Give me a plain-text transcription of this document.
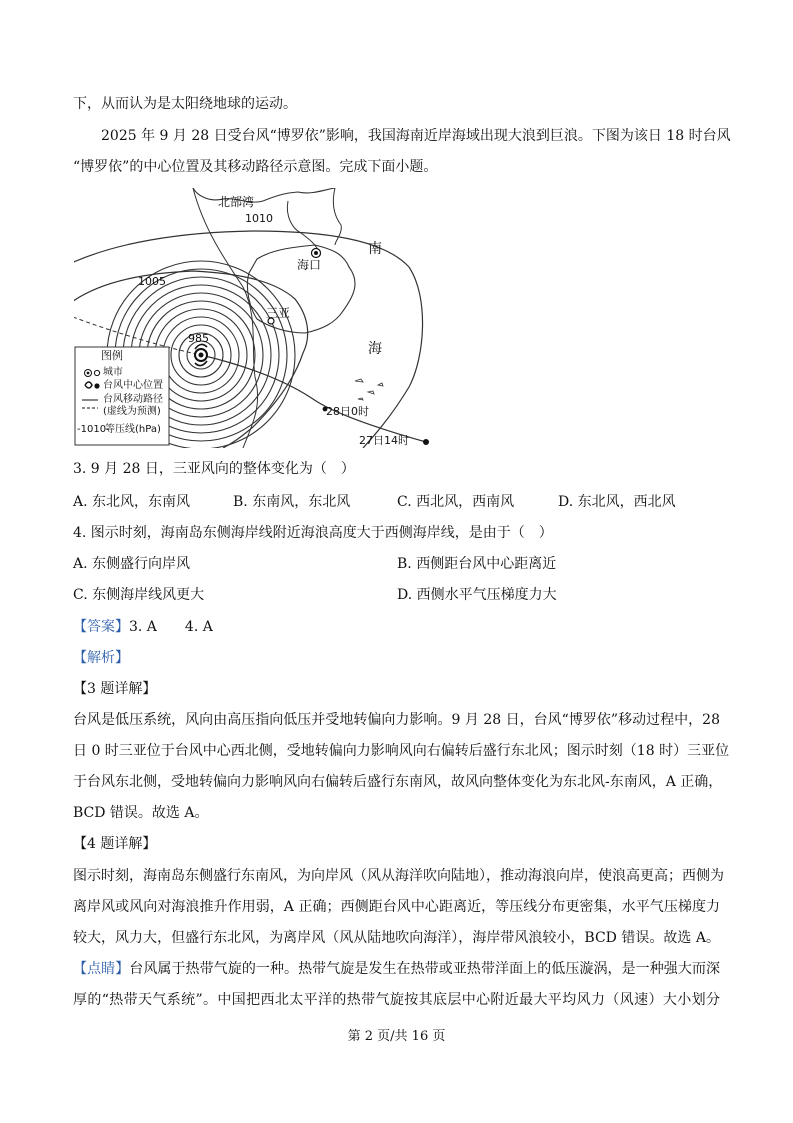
下，从而认为是太阳绕地球的运动。
2025 年 9 月 28 日受台风“博罗依”影响，我国海南近岸海域出现大浪到巨浪。下图为该日 18 时台风
“博罗依”的中心位置及其移动路径示意图。完成下面小题。
北部湾
1010
海口
南
海
1005
三亚
985
28日0时
27日14时
图例
城市
台风中心位置
台风移动路径
(虚线为预测)
-1010-
等压线(hPa)
3. 9 月 28 日，三亚风向的整体变化为（　）
A. 东北风，东南风	B. 东南风，东北风	C. 西北风，西南风	D. 东北风，西北风
4. 图示时刻，海南岛东侧海岸线附近海浪高度大于西侧海岸线，是由于（　）
A. 东侧盛行向岸风	B. 西侧距台风中心距离近
C. 东侧海岸线风更大	D. 西侧水平气压梯度力大
【答案】3. A　　4. A
【解析】
【3 题详解】
台风是低压系统，风向由高压指向低压并受地转偏向力影响。9 月 28 日，台风“博罗依”移动过程中，28
日 0 时三亚位于台风中心西北侧，受地转偏向力影响风向右偏转后盛行东北风；图示时刻（18 时）三亚位
于台风东北侧，受地转偏向力影响风向右偏转后盛行东南风，故风向整体变化为东北风-东南风，A 正确，
BCD 错误。故选 A。
【4 题详解】
图示时刻，海南岛东侧盛行东南风，为向岸风（风从海洋吹向陆地），推动海浪向岸，使浪高更高；西侧为
离岸风或风向对海浪推升作用弱，A 正确；西侧距台风中心距离近，等压线分布更密集，水平气压梯度力
较大，风力大，但盛行东北风，为离岸风（风从陆地吹向海洋），海岸带风浪较小，BCD 错误。故选 A。
【点睛】台风属于热带气旋的一种。热带气旋是发生在热带或亚热带洋面上的低压漩涡，是一种强大而深
厚的“热带天气系统”。中国把西北太平洋的热带气旋按其底层中心附近最大平均风力（风速）大小划分
第 2 页/共 16 页
